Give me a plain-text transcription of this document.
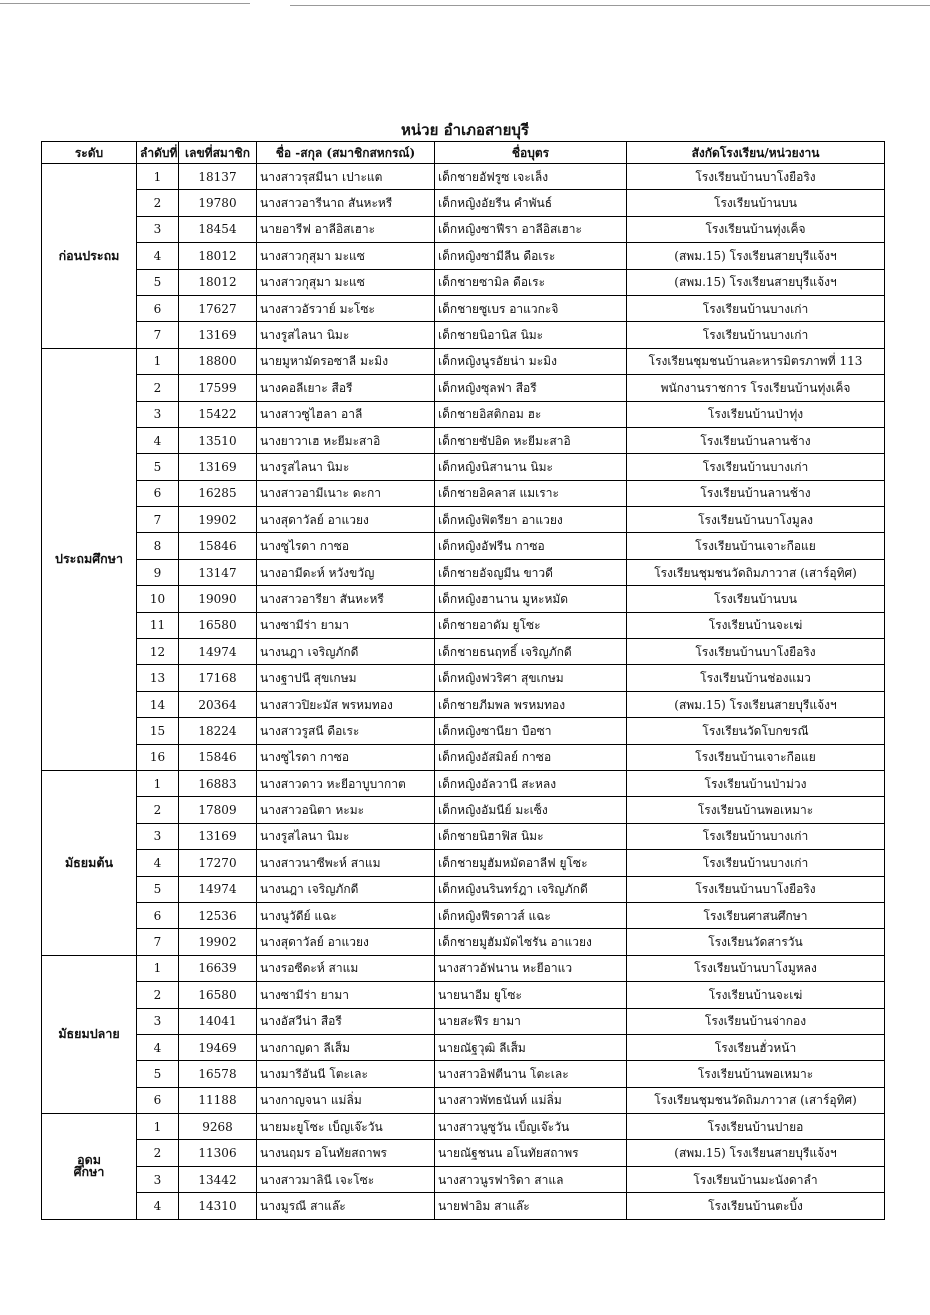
หน่วย อำเภอสายบุรี
ระดับ	ลำดับที่	เลขที่สมาชิก	ชื่อ -สกุล (สมาชิกสหกรณ์)	ชื่อบุตร	สังกัดโรงเรียน/หน่วยงาน
ก่อนประถม	1	18137	นางสาวรุสมีนา เปาะแต	เด็กชายอัฟรูซ เจะเล็ง	โรงเรียนบ้านบาโงยือริง
	2	19780	นางสาวอารีนาถ สันหะหรี	เด็กหญิงอัยรีน คำพันธ์	โรงเรียนบ้านบน
	3	18454	นายอารีฟ อาลีอิสเฮาะ	เด็กหญิงซาฟีรา อาลีอิสเฮาะ	โรงเรียนบ้านทุ่งเค็จ
	4	18012	นางสาวกุสุมา มะแซ	เด็กหญิงซามีลีน ดือเระ	(สพม.15) โรงเรียนสายบุรีแจ้งฯ
	5	18012	นางสาวกุสุมา มะแซ	เด็กชายซามิล ดือเระ	(สพม.15) โรงเรียนสายบุรีแจ้งฯ
	6	17627	นางสาวอัรวาย์ มะโซะ	เด็กชายซูเบร อาแวกะจิ	โรงเรียนบ้านบางเก่า
	7	13169	นางรูสไลนา นิมะ	เด็กชายนิอานิส นิมะ	โรงเรียนบ้านบางเก่า
ประถมศึกษา	1	18800	นายมูหามัดรอซาลี มะมิง	เด็กหญิงนูรอัยน่า มะมิง	โรงเรียนชุมชนบ้านละหารมิตรภาพที่ 113
	2	17599	นางคอลีเยาะ สือรี	เด็กหญิงซุลฟา สือรี	พนักงานราชการ โรงเรียนบ้านทุ่งเค็จ
	3	15422	นางสาวซูไฮลา อาลี	เด็กชายอิสติกอม ฮะ	โรงเรียนบ้านป่าทุ่ง
	4	13510	นางยาวาเฮ หะยีมะสาอิ	เด็กชายซัปอิด หะยีมะสาอิ	โรงเรียนบ้านลานช้าง
	5	13169	นางรูสไลนา นิมะ	เด็กหญิงนิสานาน นิมะ	โรงเรียนบ้านบางเก่า
	6	16285	นางสาวอามีเนาะ ดะกา	เด็กชายอิคลาส แมเราะ	โรงเรียนบ้านลานช้าง
	7	19902	นางสุดาวัลย์ อาแวยง	เด็กหญิงฟิตรียา อาแวยง	โรงเรียนบ้านบาโงมูลง
	8	15846	นางซูไรดา กาซอ	เด็กหญิงอัฟรีน กาซอ	โรงเรียนบ้านเจาะกือแย
	9	13147	นางอามีดะห์ หวังขวัญ	เด็กชายอัจญมีน ขาวดี	โรงเรียนชุมชนวัดถิมภาวาส (เสาร์อุทิศ)
	10	19090	นางสาวอารียา สันหะหรี	เด็กหญิงฮานาน มูหะหมัด	โรงเรียนบ้านบน
	11	16580	นางซามีร่า ยามา	เด็กชายอาดัม ยูโซะ	โรงเรียนบ้านจะเฆ่
	12	14974	นางนฎา เจริญภักดี	เด็กชายธนฤทธิ์ เจริญภักดี	โรงเรียนบ้านบาโงยือริง
	13	17168	นางฐาปนี สุขเกษม	เด็กหญิงฟวริศา สุขเกษม	โรงเรียนบ้านช่องแมว
	14	20364	นางสาวปิยะมัส พรหมทอง	เด็กชายภีมพล พรหมทอง	(สพม.15) โรงเรียนสายบุรีแจ้งฯ
	15	18224	นางสาวรูสนี ดือเระ	เด็กหญิงซานียา บือซา	โรงเรียนวัดโบกขรณี
	16	15846	นางซูไรดา กาซอ	เด็กหญิงอัสมิลย์ กาซอ	โรงเรียนบ้านเจาะกือแย
มัธยมต้น	1	16883	นางสาวดาว หะยีอาบูบากาต	เด็กหญิงอัลวานี สะหลง	โรงเรียนบ้านป่าม่วง
	2	17809	นางสาวอนิตา หะมะ	เด็กหญิงอัมนีย์ มะเซ็ง	โรงเรียนบ้านพอเหมาะ
	3	13169	นางรูสไลนา นิมะ	เด็กชายนิฮาฟิส นิมะ	โรงเรียนบ้านบางเก่า
	4	17270	นางสาวนาซีพะห์ สาแม	เด็กชายมูฮัมหมัดอาลีฟ ยูโซะ	โรงเรียนบ้านบางเก่า
	5	14974	นางนฎา เจริญภักดี	เด็กหญิงนรินทร์ฎา เจริญภักดี	โรงเรียนบ้านบาโงยือริง
	6	12536	นางนูวัดีย์ แฉะ	เด็กหญิงฟีรดาวส์ แฉะ	โรงเรียนศาสนศึกษา
	7	19902	นางสุดาวัลย์ อาแวยง	เด็กชายมูฮัมมัดไซรัน อาแวยง	โรงเรียนวัดสารวัน
มัธยมปลาย	1	16639	นางรอซีดะห์ สาแม	นางสาวอัฟนาน หะยีอาแว	โรงเรียนบ้านบาโงมูหลง
	2	16580	นางซามีร่า ยามา	นายนาอีม ยูโซะ	โรงเรียนบ้านจะเฆ่
	3	14041	นางอัสวีน่า สือรี	นายสะฟีร ยามา	โรงเรียนบ้านจ่ากอง
	4	19469	นางกาญดา ลีเส็ม	นายณัฐวุฒิ ลีเส็ม	โรงเรียนฮั่วหน้า
	5	16578	นางมารีอันนี โตะเละ	นางสาวอิฟตีนาน โตะเละ	โรงเรียนบ้านพอเหมาะ
	6	11188	นางกาญจนา แม่ลิ่ม	นางสาวพัทธนันท์ แม่ลิ่ม	โรงเรียนชุมชนวัดถิมภาวาส (เสาร์อุทิศ)

อุดม
ศึกษา	1	9268	นายมะยูโซะ เบ็ญเจ๊ะวัน	นางสาวนูซูวัน เบ็ญเจ๊ะวัน	โรงเรียนบ้านปายอ
	2	11306	นางนฤมร อโนทัยสถาพร	นายณัฐชนน อโนทัยสถาพร	(สพม.15) โรงเรียนสายบุรีแจ้งฯ
	3	13442	นางสาวมาลินี เจะโซะ	นางสาวนูรฟาริดา สาแล	โรงเรียนบ้านมะนังดาลำ
	4	14310	นางมูรณี สาแล๊ะ	นายฟาอิม สาแล๊ะ	โรงเรียนบ้านตะบิ้ง
